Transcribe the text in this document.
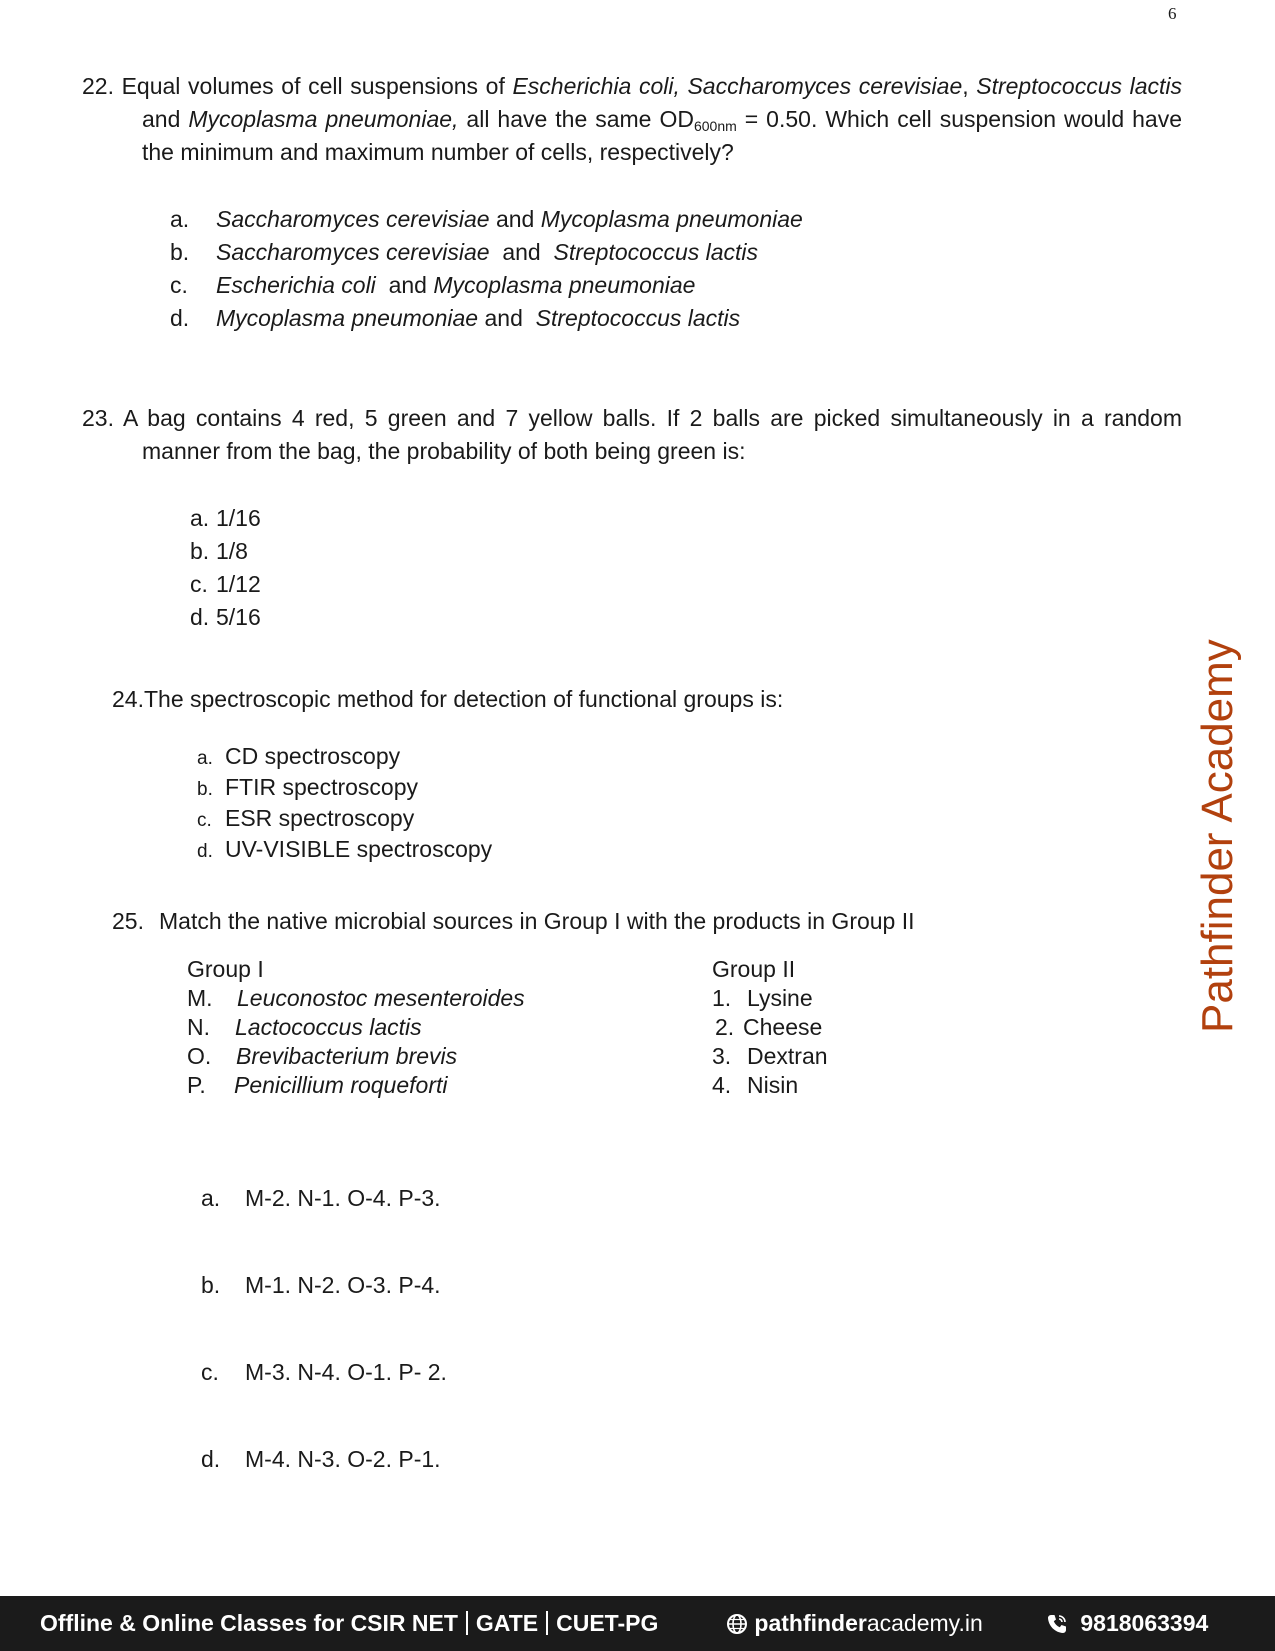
6

22. Equal volumes of cell suspensions of Escherichia coli, Saccharomyces cerevisiae, Streptococcus lactis and Mycoplasma pneumoniae, all have the same $OD_{600nm} = 0.50$. Which cell suspension would have the minimum and maximum number of cells, respectively?

a. Saccharomyces cerevisiae and Mycoplasma pneumoniae
b. Saccharomyces cerevisiae and Streptococcus lactis
c. Escherichia coli and Mycoplasma pneumoniae
d. Mycoplasma pneumoniae and Streptococcus lactis

23. A bag contains 4 red, 5 green and 7 yellow balls. If 2 balls are picked simultaneously in a random manner from the bag, the probability of both being green is:

a. 1/16
b. 1/8
c. 1/12
d. 5/16

24.The spectroscopic method for detection of functional groups is:

a. CD spectroscopy
b. FTIR spectroscopy
c. ESR spectroscopy
d. UV-VISIBLE spectroscopy

25. Match the native microbial sources in Group I with the products in Group II

Group I
M. Leuconostoc mesenteroides
N. Lactococcus lactis
O. Brevibacterium brevis
P. Penicillium roqueforti
Group II
1. Lysine
2. Cheese
3. Dextran
4. Nisin

a. M-2. N-1. O-4. P-3.

b. M-1. N-2. O-3. P-4.

c. M-3. N-4. O-1. P- 2.

d. M-4. N-3. O-2. P-1.

Pathfinder Academy
Offline & Online Classes for CSIR NET GATE CUET-PG	pathfinderacademy.in	9818063394
